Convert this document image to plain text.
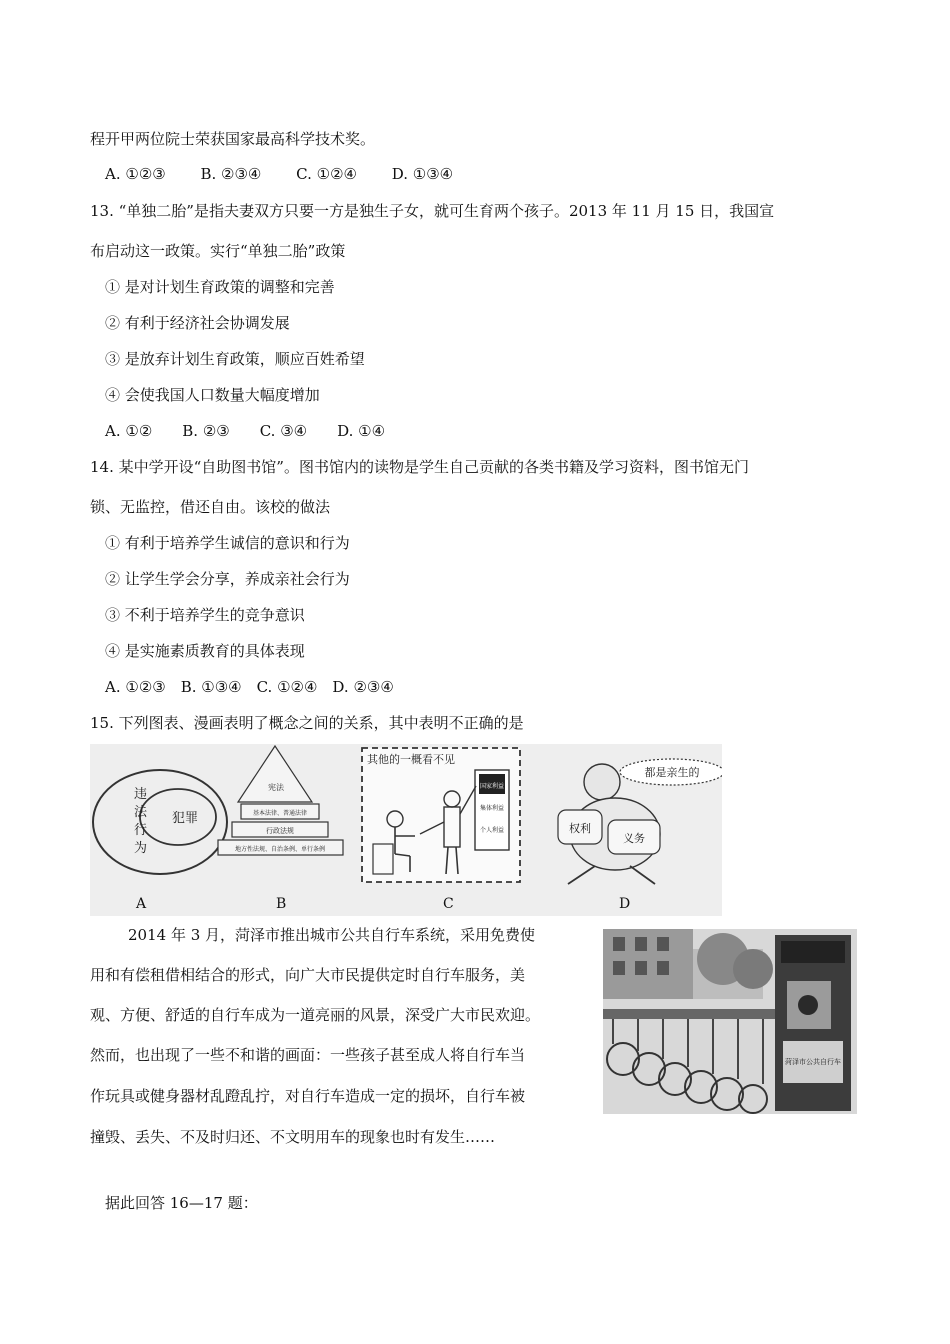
程开甲两位院士荣获国家最高科学技术奖。
A. ①②③　　 B. ②③④　　 C. ①②④　　 D. ①③④
13. “单独二胎”是指夫妻双方只要一方是独生子女，就可生育两个孩子。2013 年 11 月 15 日，我国宣
布启动这一政策。实行“单独二胎”政策
① 是对计划生育政策的调整和完善
② 有利于经济社会协调发展
③ 是放弃计划生育政策，顺应百姓希望
④ 会使我国人口数量大幅度增加
A. ①②　　B. ②③　　C. ③④　　D. ①④
14. 某中学开设“自助图书馆”。图书馆内的读物是学生自己贡献的各类书籍及学习资料，图书馆无门
锁、无监控，借还自由。该校的做法
① 有利于培养学生诚信的意识和行为
② 让学生学会分享，养成亲社会行为
③ 不利于培养学生的竞争意识
④ 是实施素质教育的具体表现
A. ①②③　B. ①③④　C. ①②④　D. ②③④
15. 下列图表、漫画表明了概念之间的关系，其中表明不正确的是
违
法
行
为
犯罪
宪法
基本法律、普通法律
行政法规
地方性法规、自治条例、单行条例
其他的一概看不见
国家利益
集体利益
个人利益
都是亲生的
权利
义务
A	B	C	D
2014 年 3 月，菏泽市推出城市公共自行车系统，采用免费使
用和有偿租借相结合的形式，向广大市民提供定时自行车服务，美
观、方便、舒适的自行车成为一道亮丽的风景，深受广大市民欢迎。
然而，也出现了一些不和谐的画面：一些孩子甚至成人将自行车当
作玩具或健身器材乱蹬乱拧，对自行车造成一定的损坏，自行车被
撞毁、丢失、不及时归还、不文明用车的现象也时有发生……
菏泽市公共自行车
据此回答 16—17 题：
